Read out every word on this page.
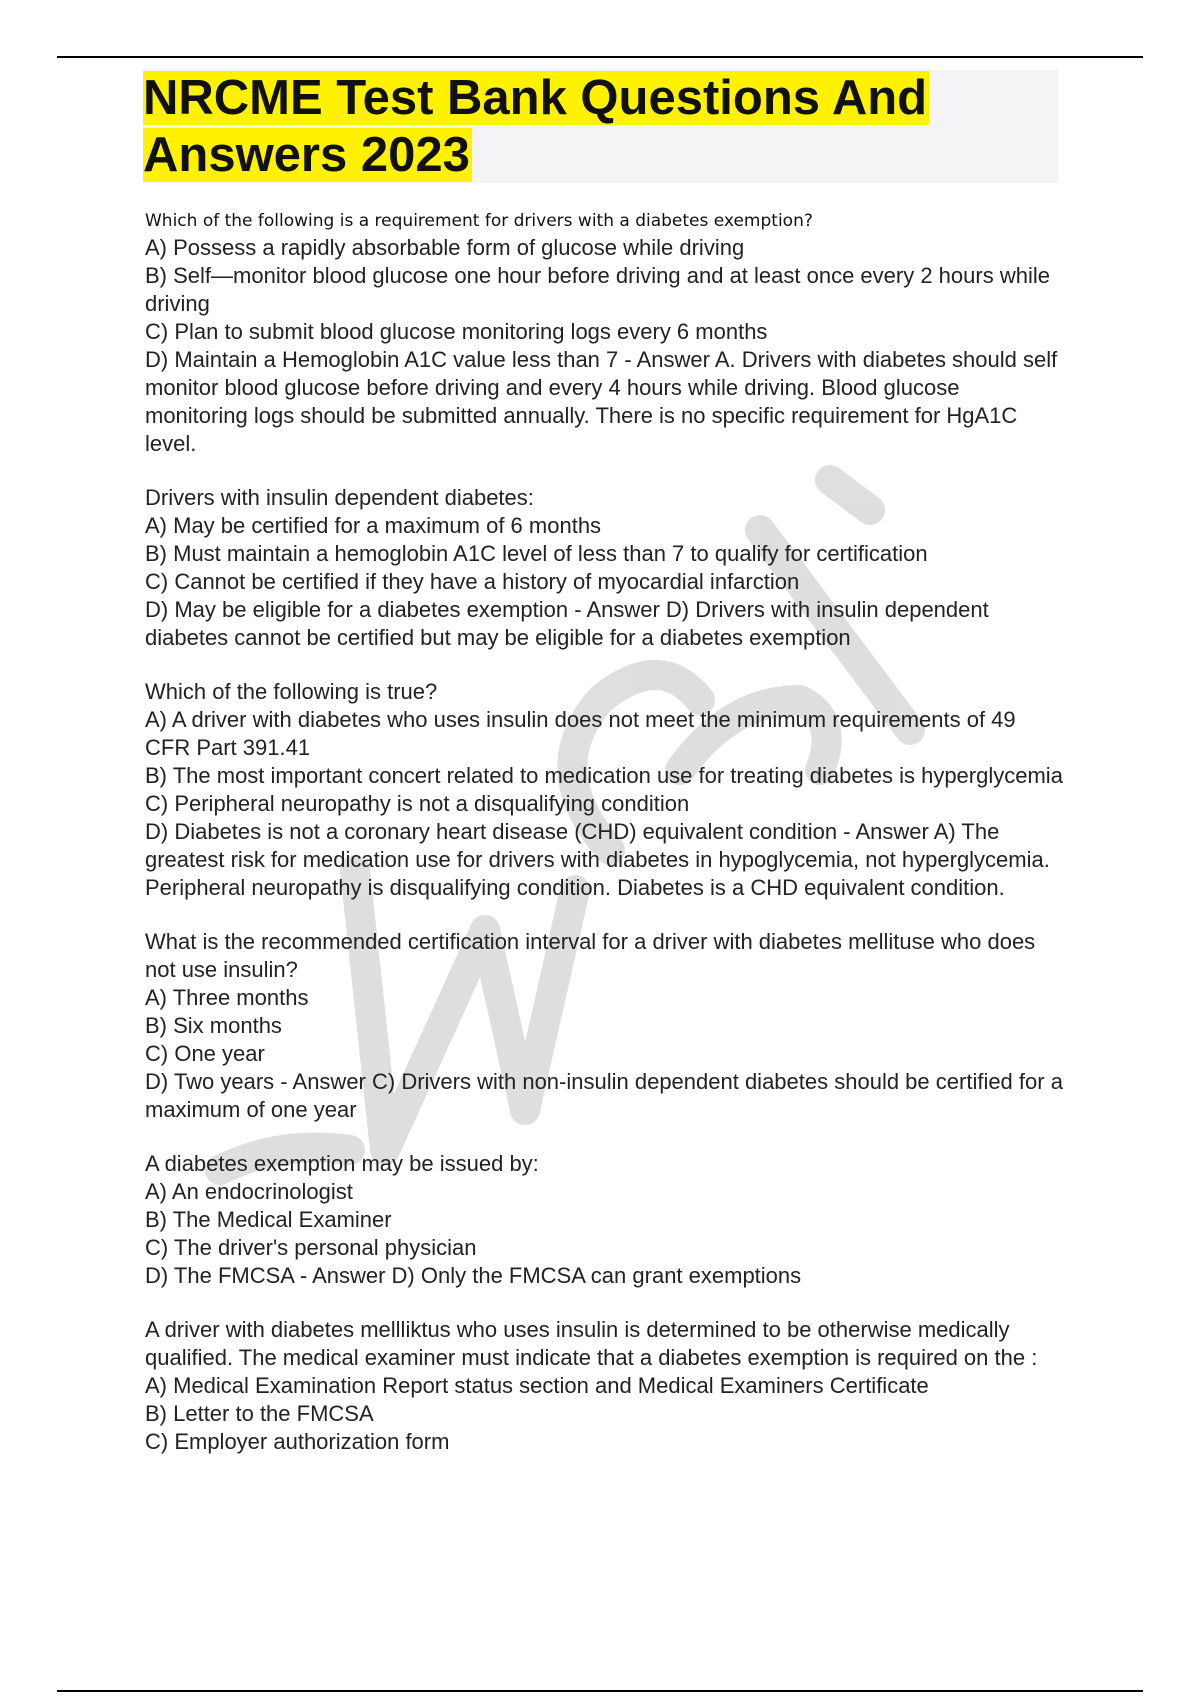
NRCME Test Bank Questions And
Answers 2023
Which of the following is a requirement for drivers with a diabetes exemption?
A) Possess a rapidly absorbable form of glucose while driving
B) Self—monitor blood glucose one hour before driving and at least once every 2 hours while driving
C) Plan to submit blood glucose monitoring logs every 6 months
D) Maintain a Hemoglobin A1C value less than 7 - Answer A. Drivers with diabetes should self monitor blood glucose before driving and every 4 hours while driving. Blood glucose monitoring logs should be submitted annually. There is no specific requirement for HgA1C level.
Drivers with insulin dependent diabetes:
A) May be certified for a maximum of 6 months
B) Must maintain a hemoglobin A1C level of less than 7 to qualify for certification
C) Cannot be certified if they have a history of myocardial infarction
D) May be eligible for a diabetes exemption - Answer D) Drivers with insulin dependent diabetes cannot be certified but may be eligible for a diabetes exemption
Which of the following is true?
A) A driver with diabetes who uses insulin does not meet the minimum requirements of 49 CFR Part 391.41
B) The most important concert related to medication use for treating diabetes is hyperglycemia
C) Peripheral neuropathy is not a disqualifying condition
D) Diabetes is not a coronary heart disease (CHD) equivalent condition - Answer A) The greatest risk for medication use for drivers with diabetes in hypoglycemia, not hyperglycemia. Peripheral neuropathy is disqualifying condition. Diabetes is a CHD equivalent condition.
What is the recommended certification interval for a driver with diabetes mellituse who does not use insulin?
A) Three months
B) Six months
C) One year
D) Two years - Answer C) Drivers with non-insulin dependent diabetes should be certified for a maximum of one year
A diabetes exemption may be issued by:
A) An endocrinologist
B) The Medical Examiner
C) The driver's personal physician
D) The FMCSA - Answer D) Only the FMCSA can grant exemptions
A driver with diabetes mellliktus who uses insulin is determined to be otherwise medically qualified. The medical examiner must indicate that a diabetes exemption is required on the :
A) Medical Examination Report status section and Medical Examiners Certificate
B) Letter to the FMCSA
C) Employer authorization form
